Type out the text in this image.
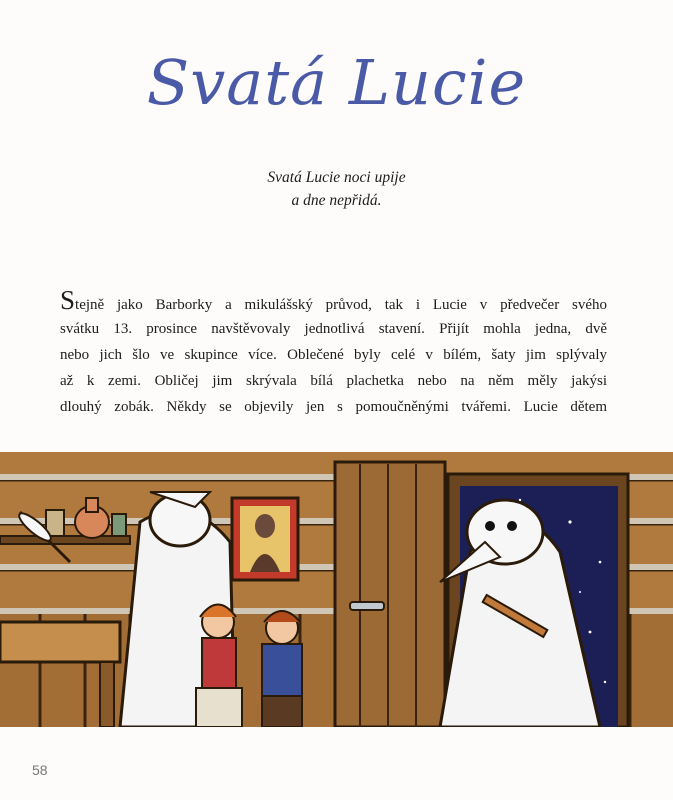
Svatá Lucie
Svatá Lucie noci upije
a dne nepřidá.
Stejně jako Barborky a mikulášský průvod, tak i Lucie v předvečer svého
svátku 13. prosince navštěvovaly jednotlivá stavení. Přijít mohla jedna, dvě
nebo jich šlo ve skupince více. Oblečené byly celé v bílém, šaty jim splývaly
až k zemi. Obličej jim skrývala bílá plachetka nebo na něm měly jakýsi
dlouhý zobák. Někdy se objevily jen s pomoučněnými tvářemi. Lucie dětem
58
